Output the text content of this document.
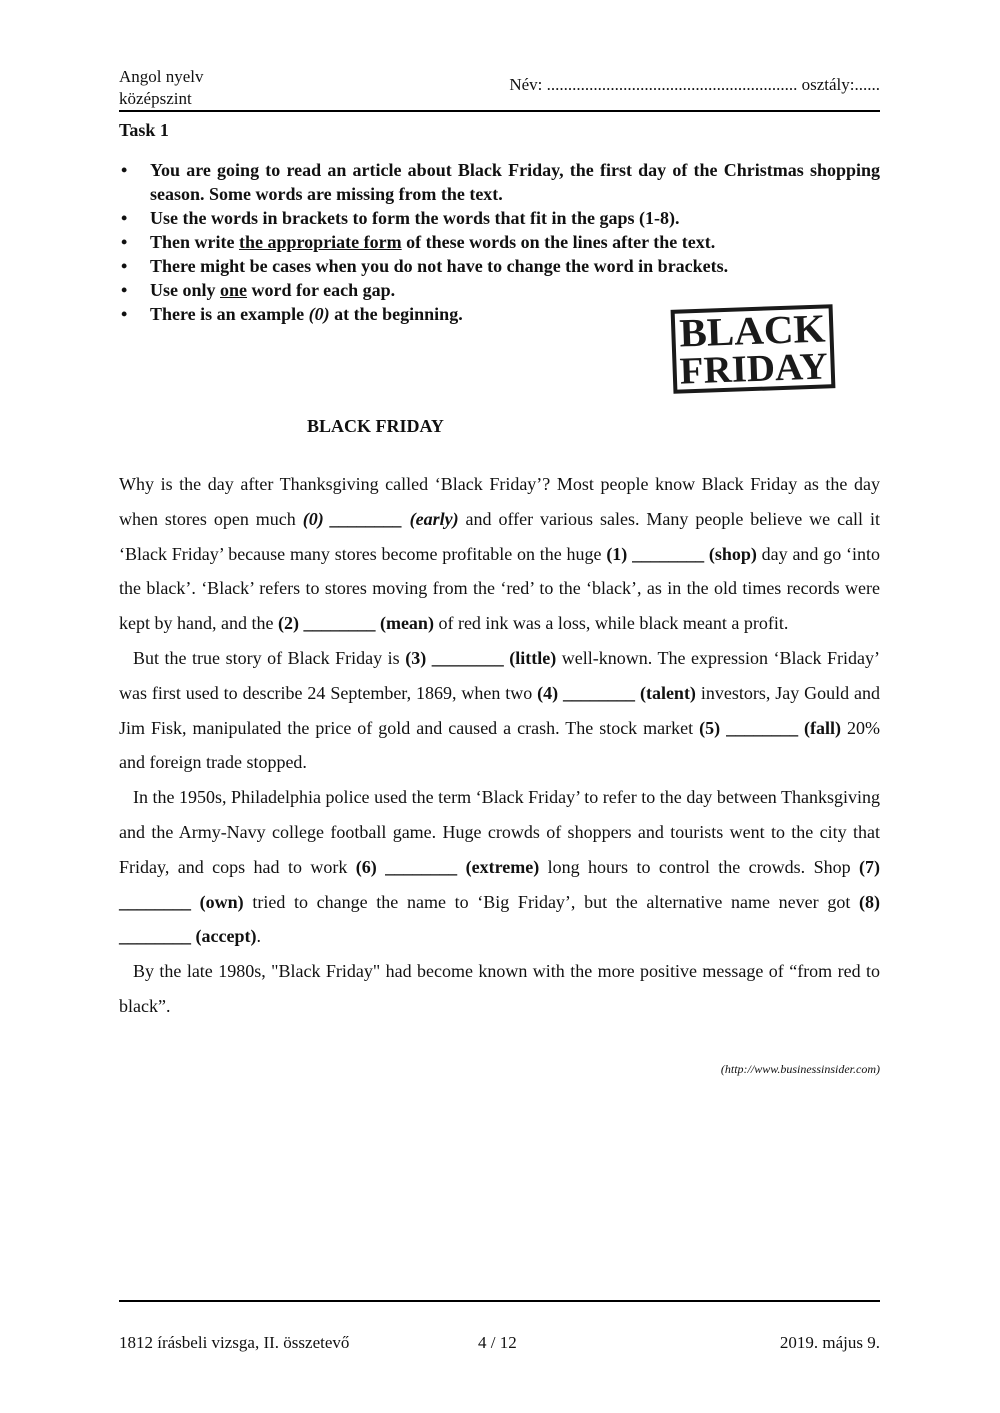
Angol nyelv
középszint
Név: ........................................................... osztály:......
Task 1
• You are going to read an article about Black Friday, the first day of the Christmas shopping season. Some words are missing from the text.
• Use the words in brackets to form the words that fit in the gaps (1-8).
• Then write the appropriate form of these words on the lines after the text.
• There might be cases when you do not have to change the word in brackets.
• Use only one word for each gap.
• There is an example (0) at the beginning.	BLACK
FRIDAY
BLACK FRIDAY

Why is the day after Thanksgiving called ‘Black Friday’? Most people know Black Friday as the day when stores open much (0) ________ (early) and offer various sales. Many people believe we call it ‘Black Friday’ because many stores become profitable on the huge (1) ________ (shop) day and go ‘into the black’. ‘Black’ refers to stores moving from the ‘red’ to the ‘black’, as in the old times records were kept by hand, and the (2) ________ (mean) of red ink was a loss, while black meant a profit.

But the true story of Black Friday is (3) ________ (little) well-known. The expression ‘Black Friday’ was first used to describe 24 September, 1869, when two (4) ________ (talent) investors, Jay Gould and Jim Fisk, manipulated the price of gold and caused a crash. The stock market (5) ________ (fall) 20% and foreign trade stopped.

In the 1950s, Philadelphia police used the term ‘Black Friday’ to refer to the day between Thanksgiving and the Army-Navy college football game. Huge crowds of shoppers and tourists went to the city that Friday, and cops had to work (6) ________ (extreme) long hours to control the crowds. Shop (7) ________ (own) tried to change the name to ‘Big Friday’, but the alternative name never got (8) ________ (accept).

By the late 1980s, "Black Friday" had become known with the more positive message of “from red to black”.

(http://www.businessinsider.com)
1812 írásbeli vizsga, II. összetevő	4 / 12	2019. május 9.
